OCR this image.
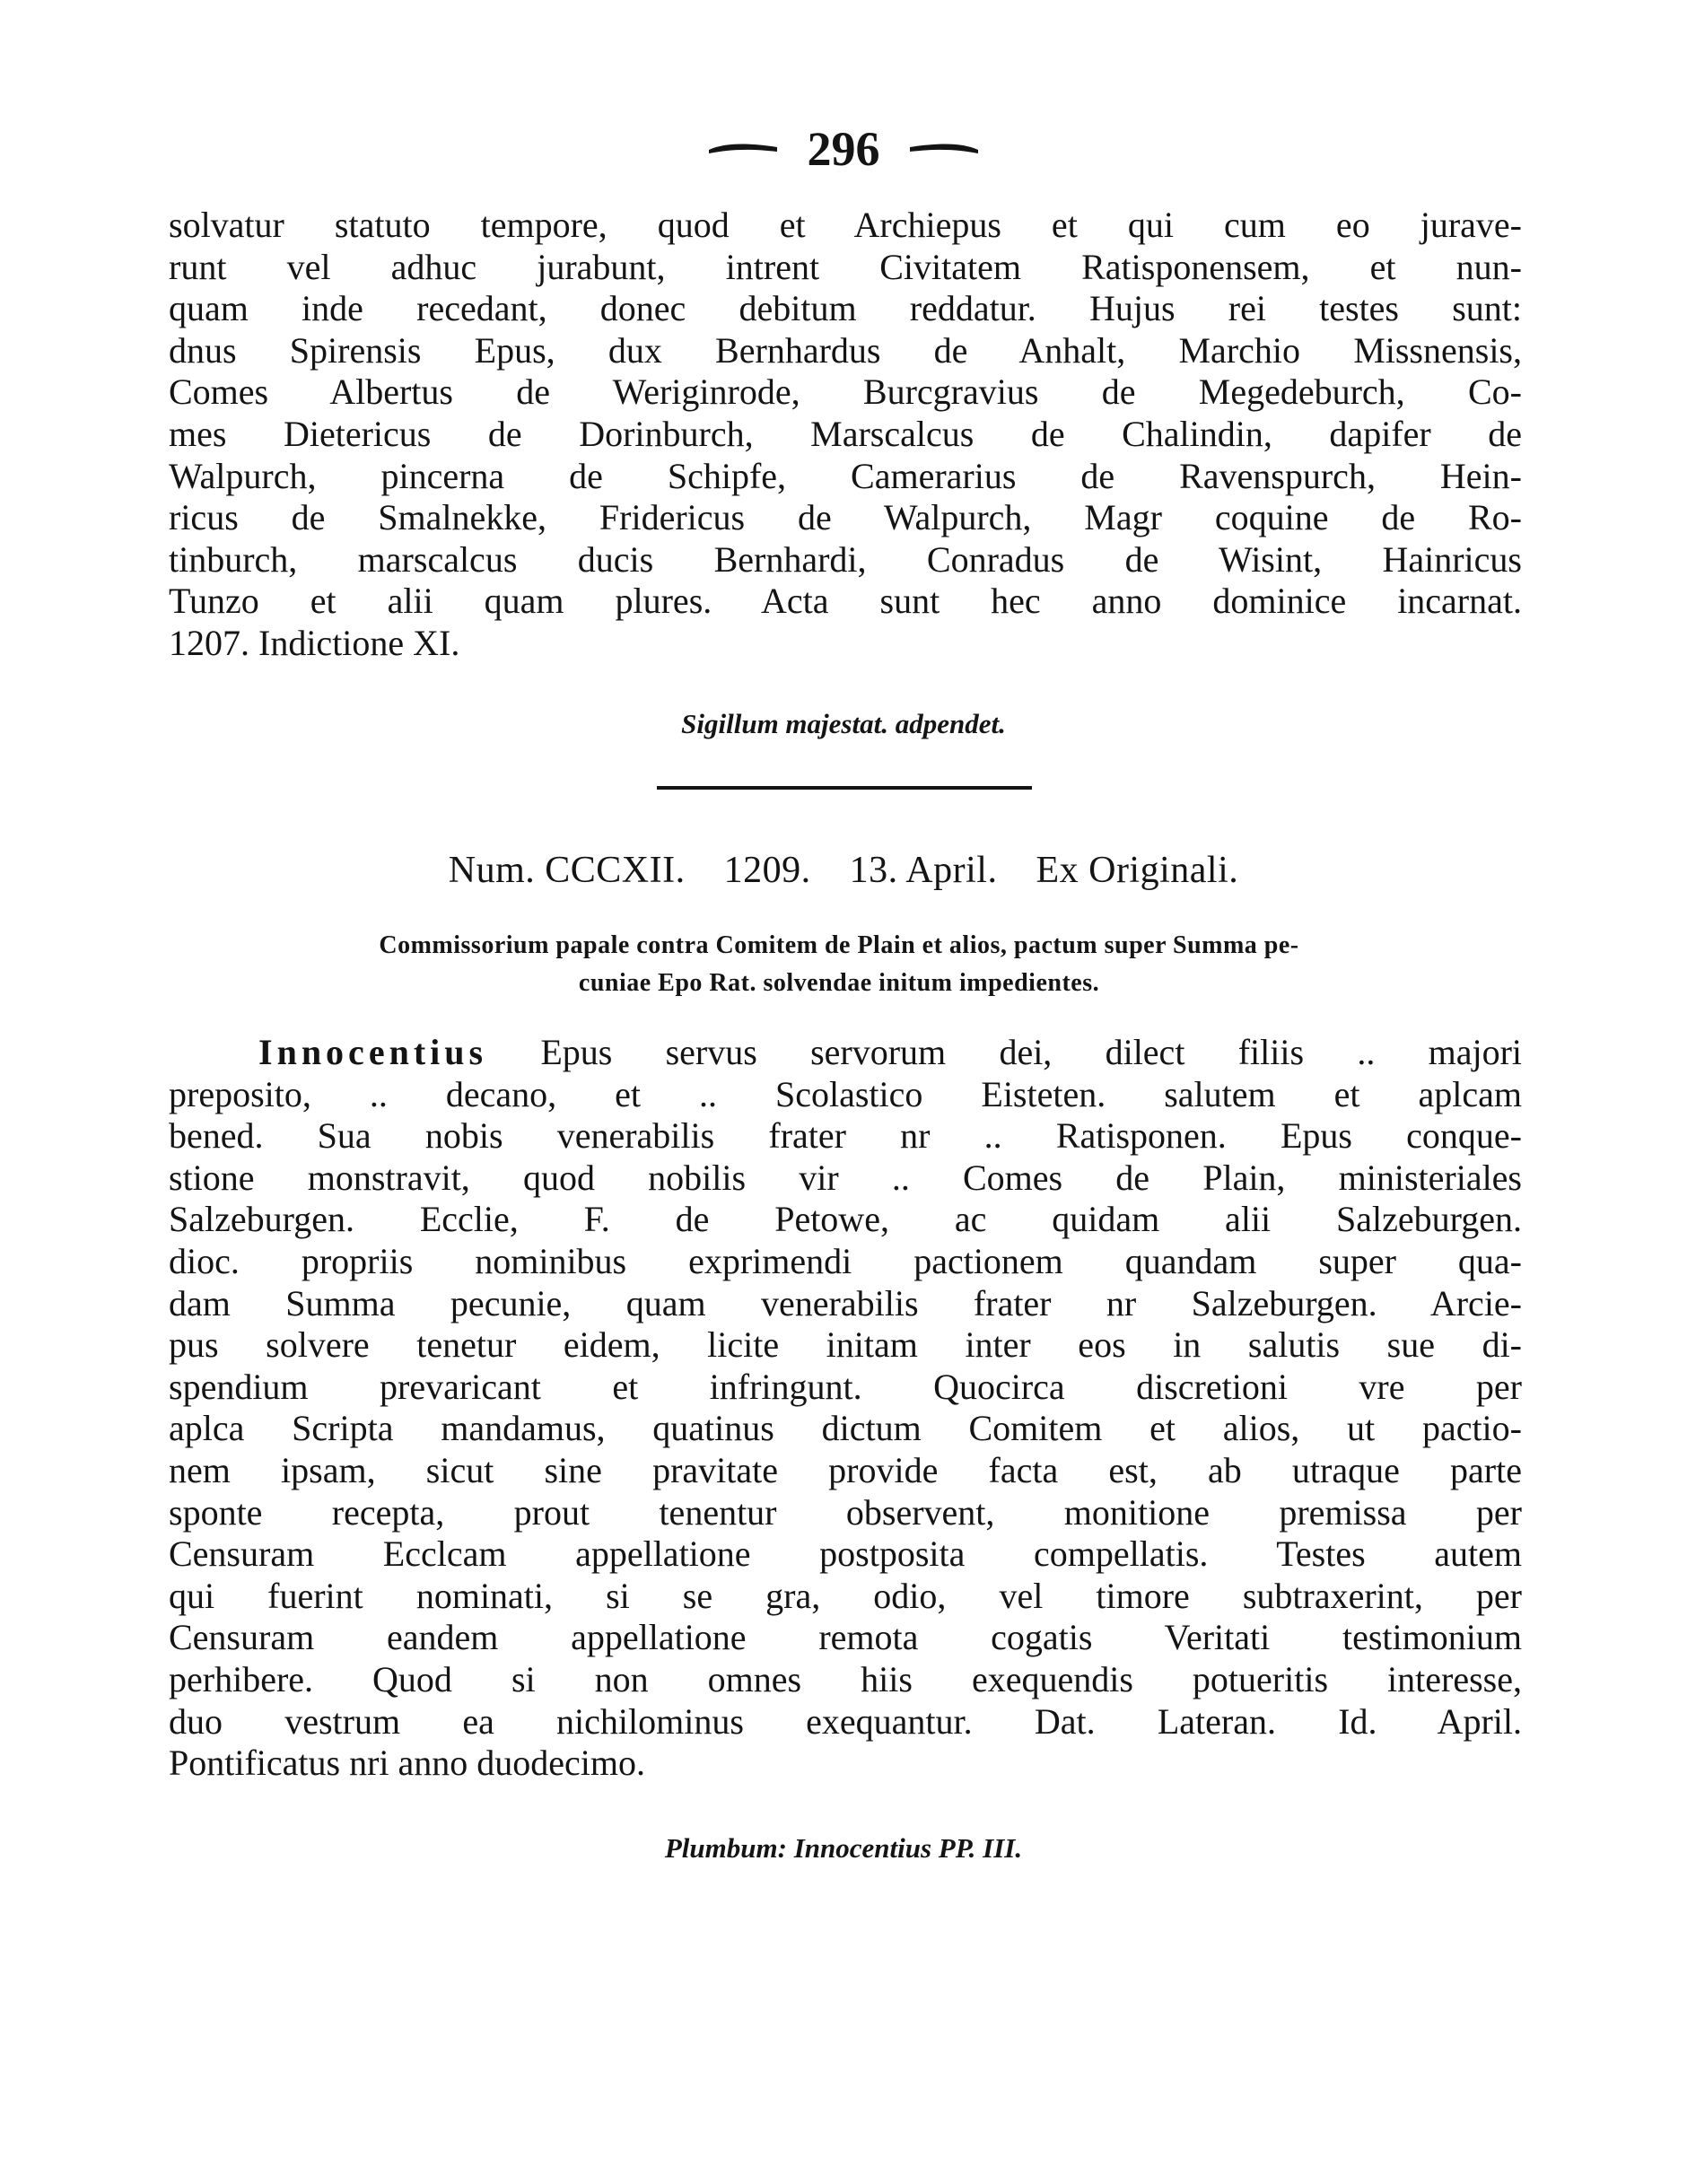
296

solvatur statuto tempore, quod et Archiepus et qui cum eo jurave-
runt vel adhuc jurabunt, intrent Civitatem Ratisponensem, et nun-
quam inde recedant, donec debitum reddatur. Hujus rei testes sunt:
dnus Spirensis Epus, dux Bernhardus de Anhalt, Marchio Missnensis,
Comes Albertus de Weriginrode, Burcgravius de Megedeburch, Co-
mes Dietericus de Dorinburch, Marscalcus de Chalindin, dapifer de
Walpurch, pincerna de Schipfe, Camerarius de Ravenspurch, Hein-
ricus de Smalnekke, Fridericus de Walpurch, Magr coquine de Ro-
tinburch, marscalcus ducis Bernhardi, Conradus de Wisint, Hainricus
Tunzo et alii quam plures. Acta sunt hec anno dominice incarnat.
1207. Indictione XI.

Sigillum majestat. adpendet.
Num. CCCXII. 1209. 13. April. Ex Originali.
Commissorium papale contra Comitem de Plain et alios, pactum super Summa pe-
cuniae Epo Rat. solvendae initum impedientes.

Innocentius Epus servus servorum dei, dilect filiis .. majori
preposito, .. decano, et .. Scolastico Eisteten. salutem et aplcam
bened. Sua nobis venerabilis frater nr .. Ratisponen. Epus conque-
stione monstravit, quod nobilis vir .. Comes de Plain, ministeriales
Salzeburgen. Ecclie, F. de Petowe, ac quidam alii Salzeburgen.
dioc. propriis nominibus exprimendi pactionem quandam super qua-
dam Summa pecunie, quam venerabilis frater nr Salzeburgen. Arcie-
pus solvere tenetur eidem, licite initam inter eos in salutis sue di-
spendium prevaricant et infringunt. Quocirca discretioni vre per
aplca Scripta mandamus, quatinus dictum Comitem et alios, ut pactio-
nem ipsam, sicut sine pravitate provide facta est, ab utraque parte
sponte recepta, prout tenentur observent, monitione premissa per
Censuram Ecclcam appellatione postposita compellatis. Testes autem
qui fuerint nominati, si se gra, odio, vel timore subtraxerint, per
Censuram eandem appellatione remota cogatis Veritati testimonium
perhibere. Quod si non omnes hiis exequendis potueritis interesse,
duo vestrum ea nichilominus exequantur. Dat. Lateran. Id. April.
Pontificatus nri anno duodecimo.

Plumbum: Innocentius PP. III.
